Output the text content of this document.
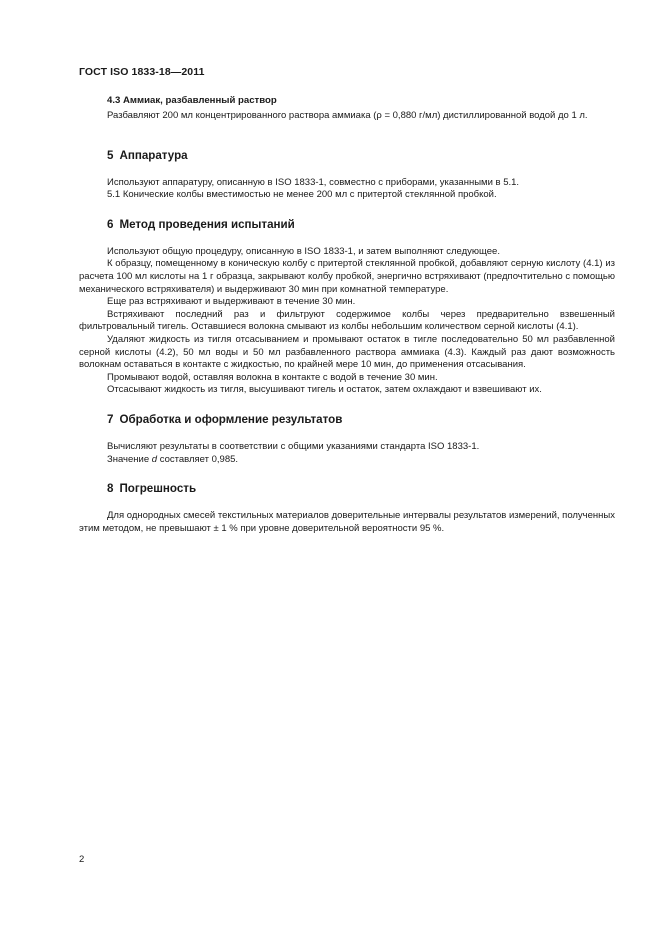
ГОСТ ISO 1833-18—2011
4.3 Аммиак, разбавленный раствор

Разбавляют 200 мл концентрированного раствора аммиака (ρ = 0,880 г/мл) дистиллированной водой до 1 л.

5 Аппаратура

Используют аппаратуру, описанную в ISO 1833-1, совместно с приборами, указанными в 5.1.

5.1 Конические колбы вместимостью не менее 200 мл с притертой стеклянной пробкой.

6 Метод проведения испытаний

Используют общую процедуру, описанную в ISO 1833-1, и затем выполняют следующее.

К образцу, помещенному в коническую колбу с притертой стеклянной пробкой, добавляют серную кислоту (4.1) из расчета 100 мл кислоты на 1 г образца, закрывают колбу пробкой, энергично встряхивают (предпочтительно с помощью механического встряхивателя) и выдерживают 30 мин при комнатной температуре.

Еще раз встряхивают и выдерживают в течение 30 мин.

Встряхивают последний раз и фильтруют содержимое колбы через предварительно взвешенный фильтровальный тигель. Оставшиеся волокна смывают из колбы небольшим количеством серной кислоты (4.1).

Удаляют жидкость из тигля отсасыванием и промывают остаток в тигле последовательно 50 мл разбавленной серной кислоты (4.2), 50 мл воды и 50 мл разбавленного раствора аммиака (4.3). Каждый раз дают возможность волокнам оставаться в контакте с жидкостью, по крайней мере 10 мин, до применения отсасывания.

Промывают водой, оставляя волокна в контакте с водой в течение 30 мин.

Отсасывают жидкость из тигля, высушивают тигель и остаток, затем охлаждают и взвешивают их.

7 Обработка и оформление результатов

Вычисляют результаты в соответствии с общими указаниями стандарта ISO 1833-1.

Значение d составляет 0,985.

8 Погрешность

Для однородных смесей текстильных материалов доверительные интервалы результатов измерений, полученных этим методом, не превышают ± 1 % при уровне доверительной вероятности 95 %.

2
